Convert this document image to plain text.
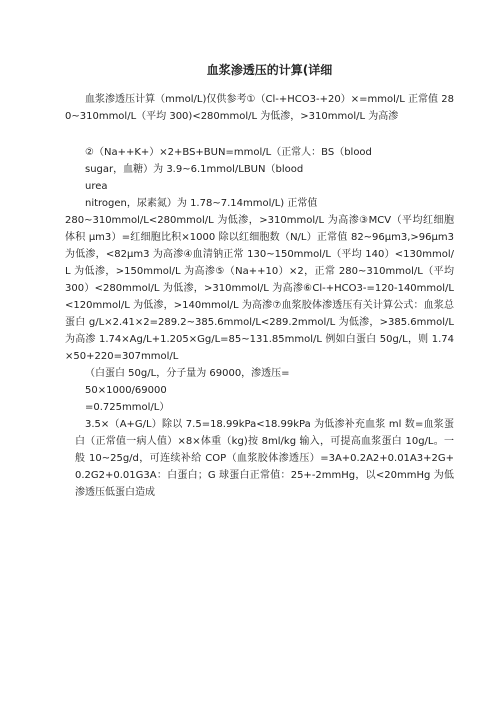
血浆渗透压的计算(详细

血浆渗透压计算（mmol/L)仅供参考①（Cl-+HCO3-+20）×=mmol/L 正常值 280~310mmol/L（平均 300)<280mmol/L 为低渗，>310mmol/L 为高渗

②（Na++K+）×2+BS+BUN=mmol/L（正常人：BS（blood
sugar，血糖）为 3.9~6.1mmol/LBUN（blood
urea

nitrogen，尿素氮）为 1.78~7.14mmol/L) 正常值
280~310mmol/L<280mmol/L 为低渗，>310mmol/L 为高渗③MCV（平均红细胞体积 μm3）=红细胞比积×1000 除以红细胞数（N/L）正常值 82~96μm3,>96μm3 为低渗，<82μm3 为高渗④血清钠正常 130~150mmol/L（平均 140）<130mmol/L 为低渗，>150mmol/L 为高渗⑤（Na++10）×2，正常 280~310mmol/L（平均 300）<280mmol/L 为低渗，>310mmol/L 为高渗⑥Cl-+HCO3-=120-140mmol/L<120mmol/L 为低渗，>140mmol/L 为高渗⑦血浆胶体渗透压有关计算公式：血浆总蛋白 g/L×2.41×2=289.2~385.6mmol/L<289.2mmol/L 为低渗，>385.6mmol/L 为高渗 1.74×Ag/L+1.205×Gg/L=85~131.85mmol/L 例如白蛋白 50g/L，则 1.74×50+220=307mmol/L

（白蛋白 50g/L，分子量为 69000，渗透压=
50×1000/69000
=0.725mmol/L）

3.5×（A+G/L）除以 7.5=18.99kPa<18.99kPa 为低渗补充血浆 ml 数=血浆蛋白（正常值一病人值）×8×体重（kg)按 8ml/kg 输入，可提高血浆蛋白 10g/L。一般 10~25g/d，可连续补给 COP（血浆胶体渗透压）=3A+0.2A2+0.01A3+2G+0.2G2+0.01G3A：白蛋白；G 球蛋白正常值：25+-2mmHg，以<20mmHg 为低渗透压低蛋白造成
